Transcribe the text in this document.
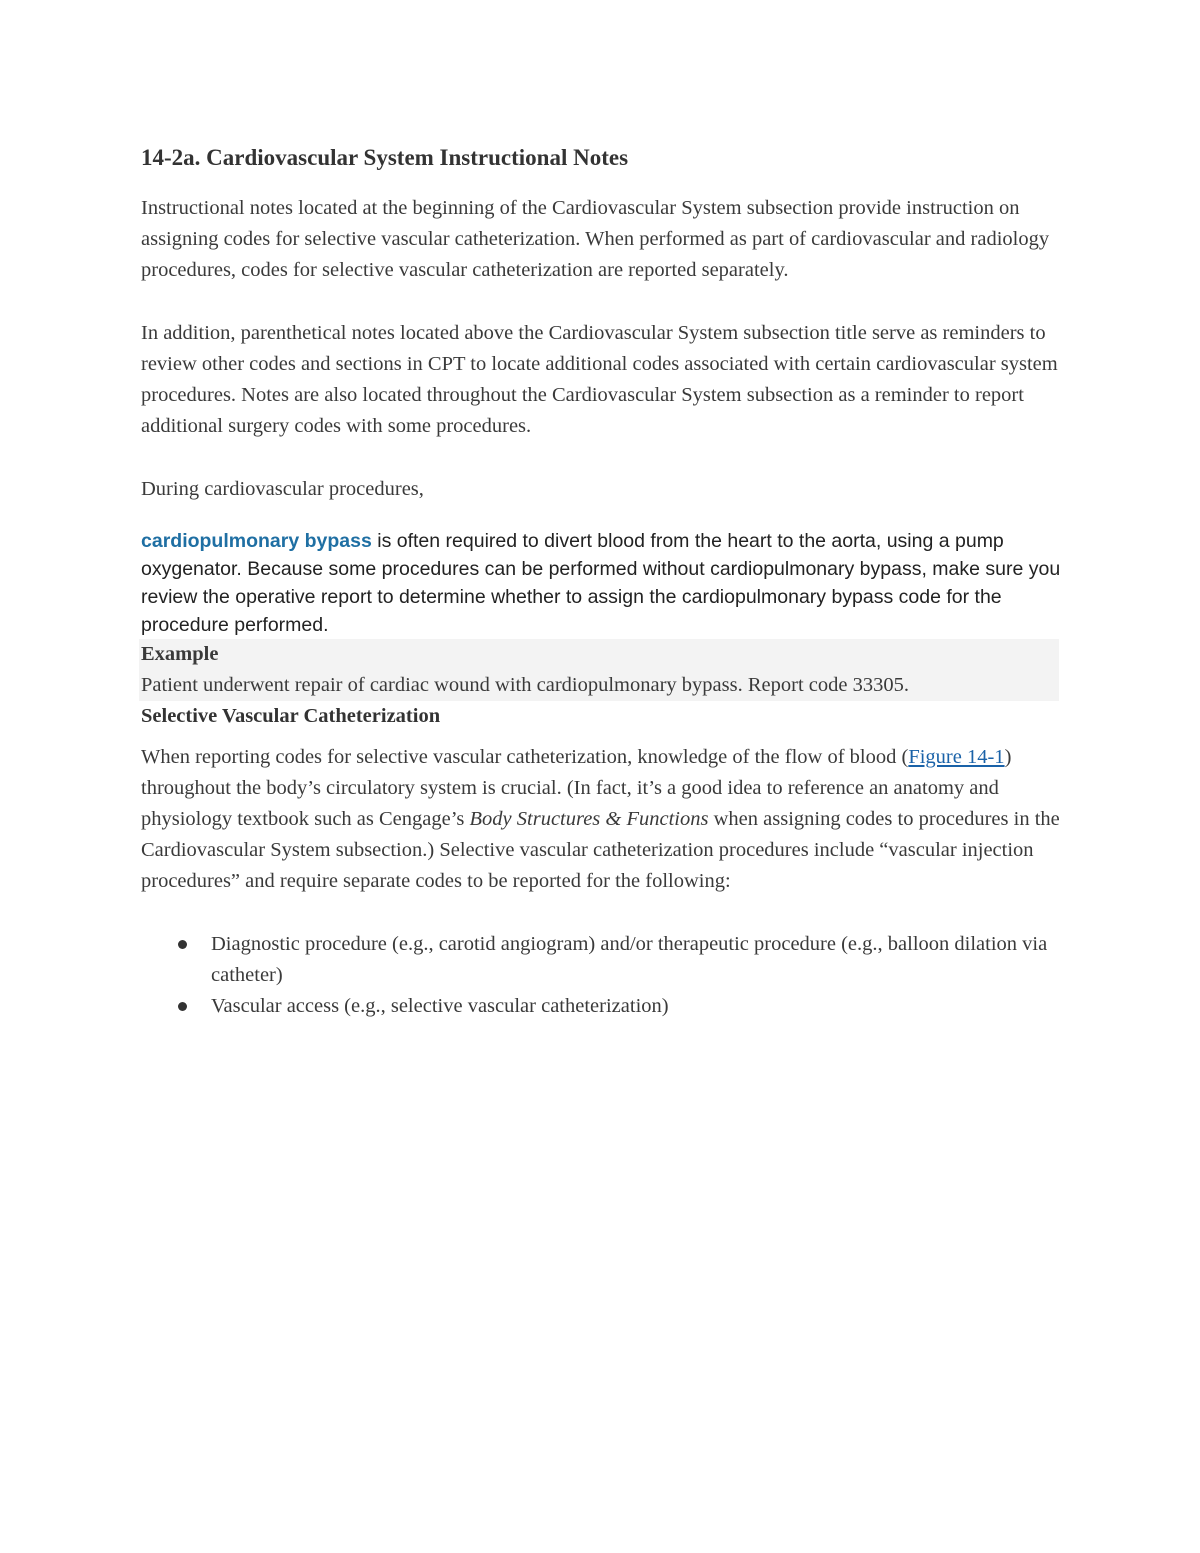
14-2a. Cardiovascular System Instructional Notes

Instructional notes located at the beginning of the Cardiovascular System subsection provide instruction on assigning codes for selective vascular catheterization. When performed as part of cardiovascular and radiology procedures, codes for selective vascular catheterization are reported separately.

In addition, parenthetical notes located above the Cardiovascular System subsection title serve as reminders to review other codes and sections in CPT to locate additional codes associated with certain cardiovascular system procedures. Notes are also located throughout the Cardiovascular System subsection as a reminder to report additional surgery codes with some procedures.

During cardiovascular procedures,

cardiopulmonary bypass is often required to divert blood from the heart to the aorta, using a pump oxygenator. Because some procedures can be performed without cardiopulmonary bypass, make sure you review the operative report to determine whether to assign the cardiopulmonary bypass code for the procedure performed.

Example
Patient underwent repair of cardiac wound with cardiopulmonary bypass. Report code 33305.
Selective Vascular Catheterization

When reporting codes for selective vascular catheterization, knowledge of the flow of blood (Figure 14-1) throughout the body’s circulatory system is crucial. (In fact, it’s a good idea to reference an anatomy and physiology textbook such as Cengage’s Body Structures & Functions when assigning codes to procedures in the Cardiovascular System subsection.) Selective vascular catheterization procedures include “vascular injection procedures” and require separate codes to be reported for the following:

Diagnostic procedure (e.g., carotid angiogram) and/or therapeutic procedure (e.g., balloon dilation via catheter)
Vascular access (e.g., selective vascular catheterization)
